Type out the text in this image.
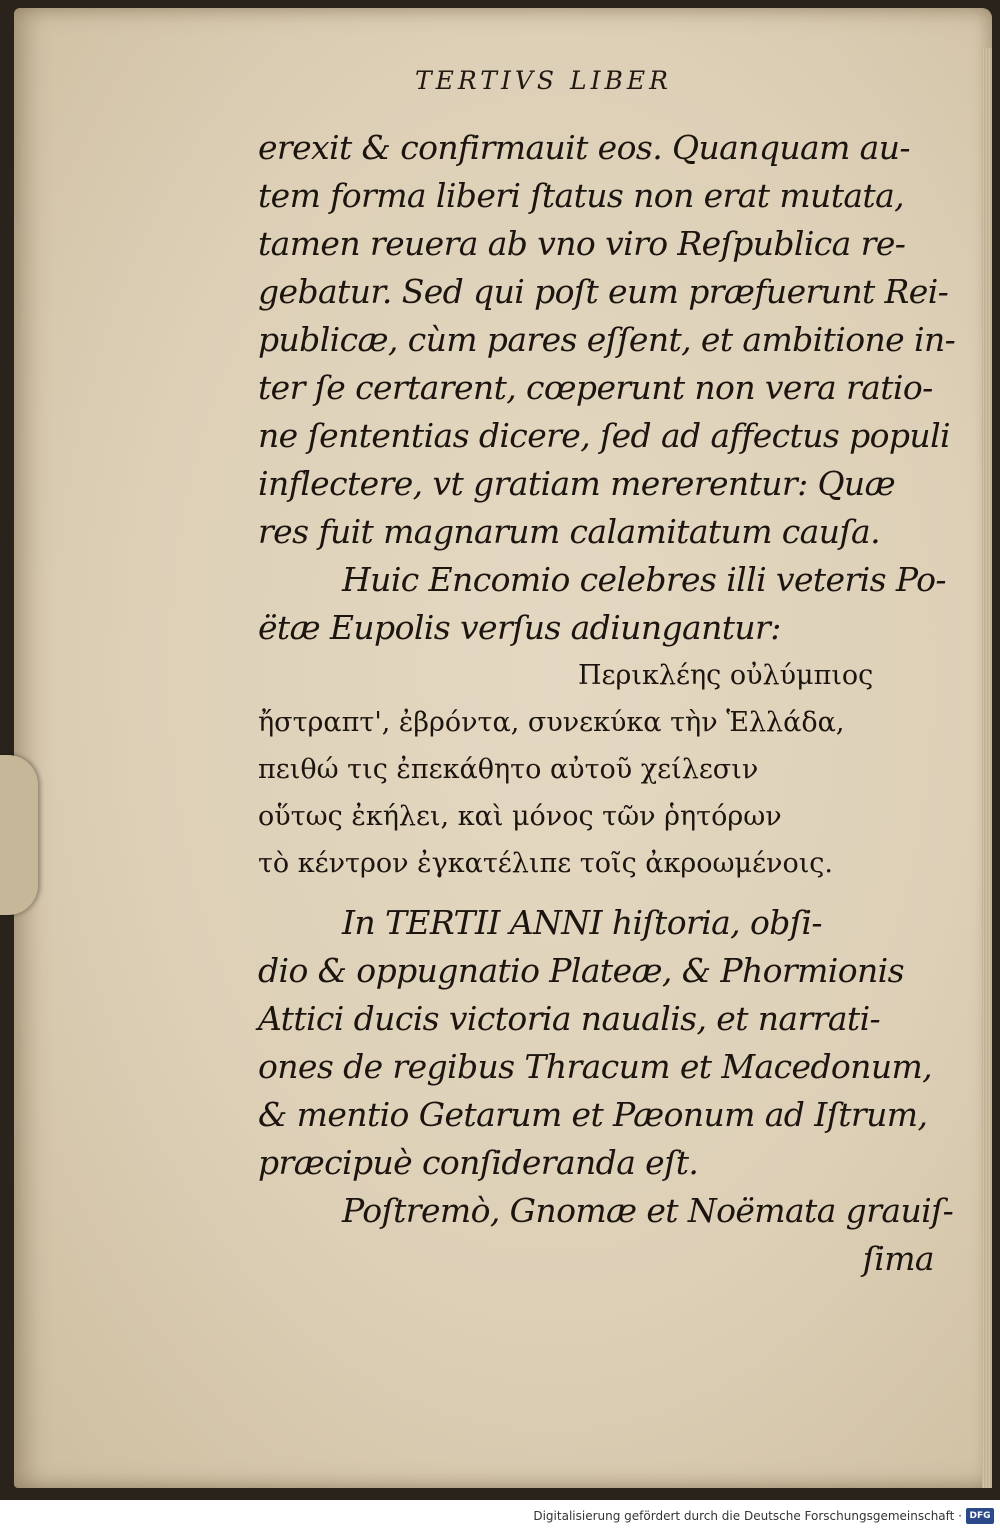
TERTIVS LIBER
erexit & confirmauit eos. Quanquam au-
tem forma liberi ſtatus non erat mutata,
tamen reuera ab vno viro Reſpublica re-
gebatur. Sed qui poſt eum præfuerunt Rei-
publicæ, cùm pares eſſent, et ambitione in-
ter ſe certarent, cœperunt non vera ratio-
ne ſententias dicere, ſed ad affectus populi
inflectere, vt gratiam mererentur: Quæ
res fuit magnarum calamitatum cauſa.
Huic Encomio celebres illi veteris Po-
ëtæ Eupolis verſus adiungantur:
Περικλέης οὐλύμπιος
ἤστραπτ', ἐβρόντα, συνεκύκα τὴν Ἑλλάδα,
πειθώ τις ἐπεκάθητο αὐτοῦ χείλεσιν
οὕτως ἐκήλει, καὶ μόνος τῶν ῥητόρων
τὸ κέντρον ἐγκατέλιπε τοῖς ἀκροωμένοις.
In TERTII ANNI hiſtoria, obſi-
dio & oppugnatio Plateæ, & Phormionis
Attici ducis victoria naualis, et narrati-
ones de regibus Thracum et Macedonum,
& mentio Getarum et Pæonum ad Iſtrum,
præcipuè conſideranda eſt.
Poſtremò, Gnomæ et Noëmata grauiſ-
ſima
Digitalisierung gefördert durch die Deutsche Forschungsgemeinschaft · DFG
